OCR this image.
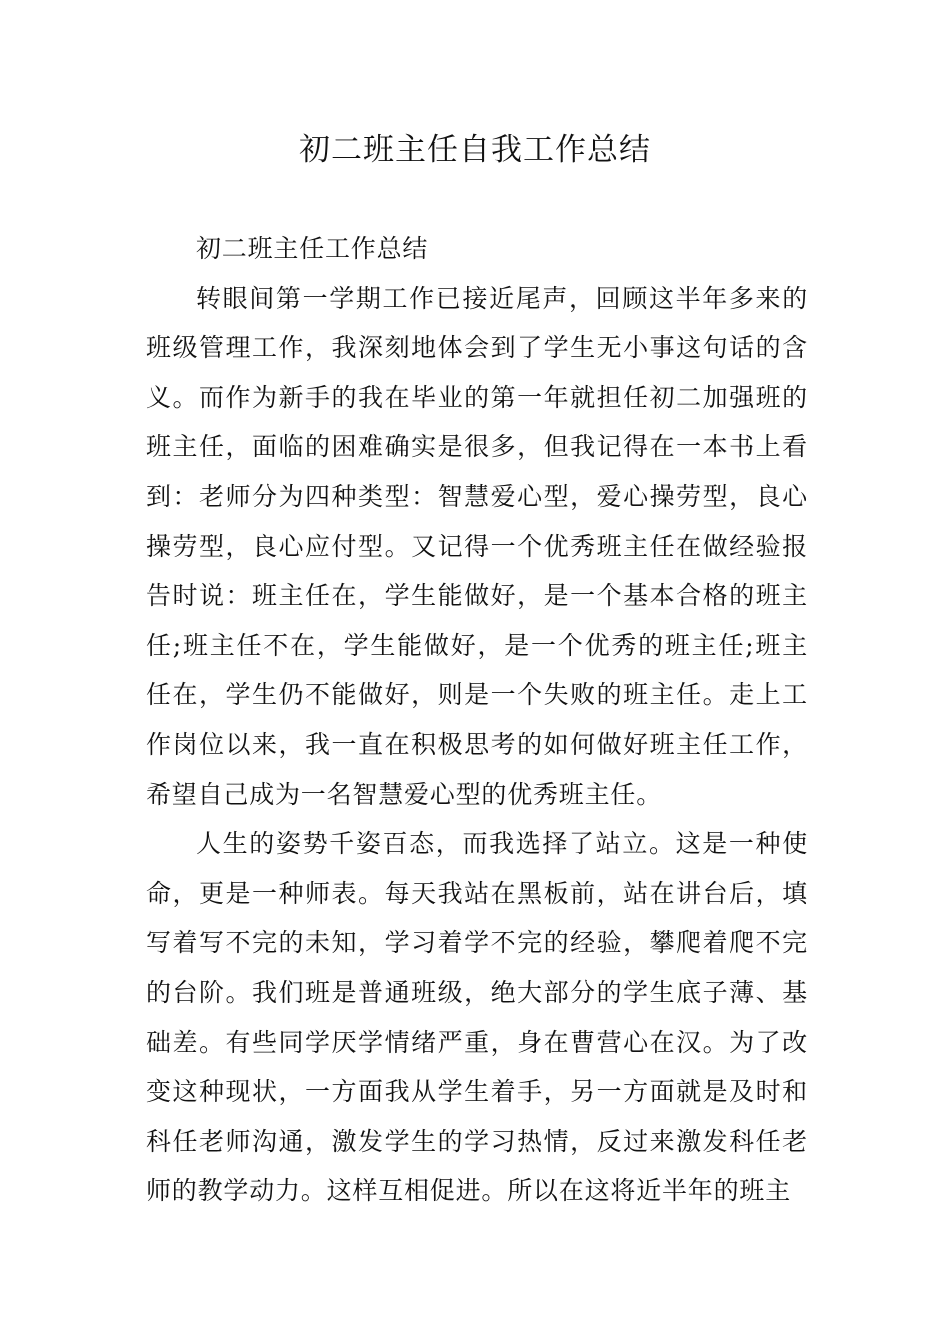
初二班主任自我工作总结

初二班主任工作总结

转眼间第一学期工作已接近尾声，回顾这半年多来的班级管理工作，我深刻地体会到了学生无小事这句话的含义。而作为新手的我在毕业的第一年就担任初二加强班的班主任，面临的困难确实是很多，但我记得在一本书上看到：老师分为四种类型：智慧爱心型，爱心操劳型，良心操劳型，良心应付型。又记得一个优秀班主任在做经验报告时说：班主任在，学生能做好，是一个基本合格的班主任;班主任不在，学生能做好，是一个优秀的班主任;班主任在，学生仍不能做好，则是一个失败的班主任。走上工作岗位以来，我一直在积极思考的如何做好班主任工作，希望自己成为一名智慧爱心型的优秀班主任。

人生的姿势千姿百态，而我选择了站立。这是一种使命，更是一种师表。每天我站在黑板前，站在讲台后，填写着写不完的未知，学习着学不完的经验，攀爬着爬不完的台阶。我们班是普通班级，绝大部分的学生底子薄、基础差。有些同学厌学情绪严重，身在曹营心在汉。为了改变这种现状，一方面我从学生着手，另一方面就是及时和科任老师沟通，激发学生的学习热情，反过来激发科任老师的教学动力。这样互相促进。所以在这将近半年的班主
